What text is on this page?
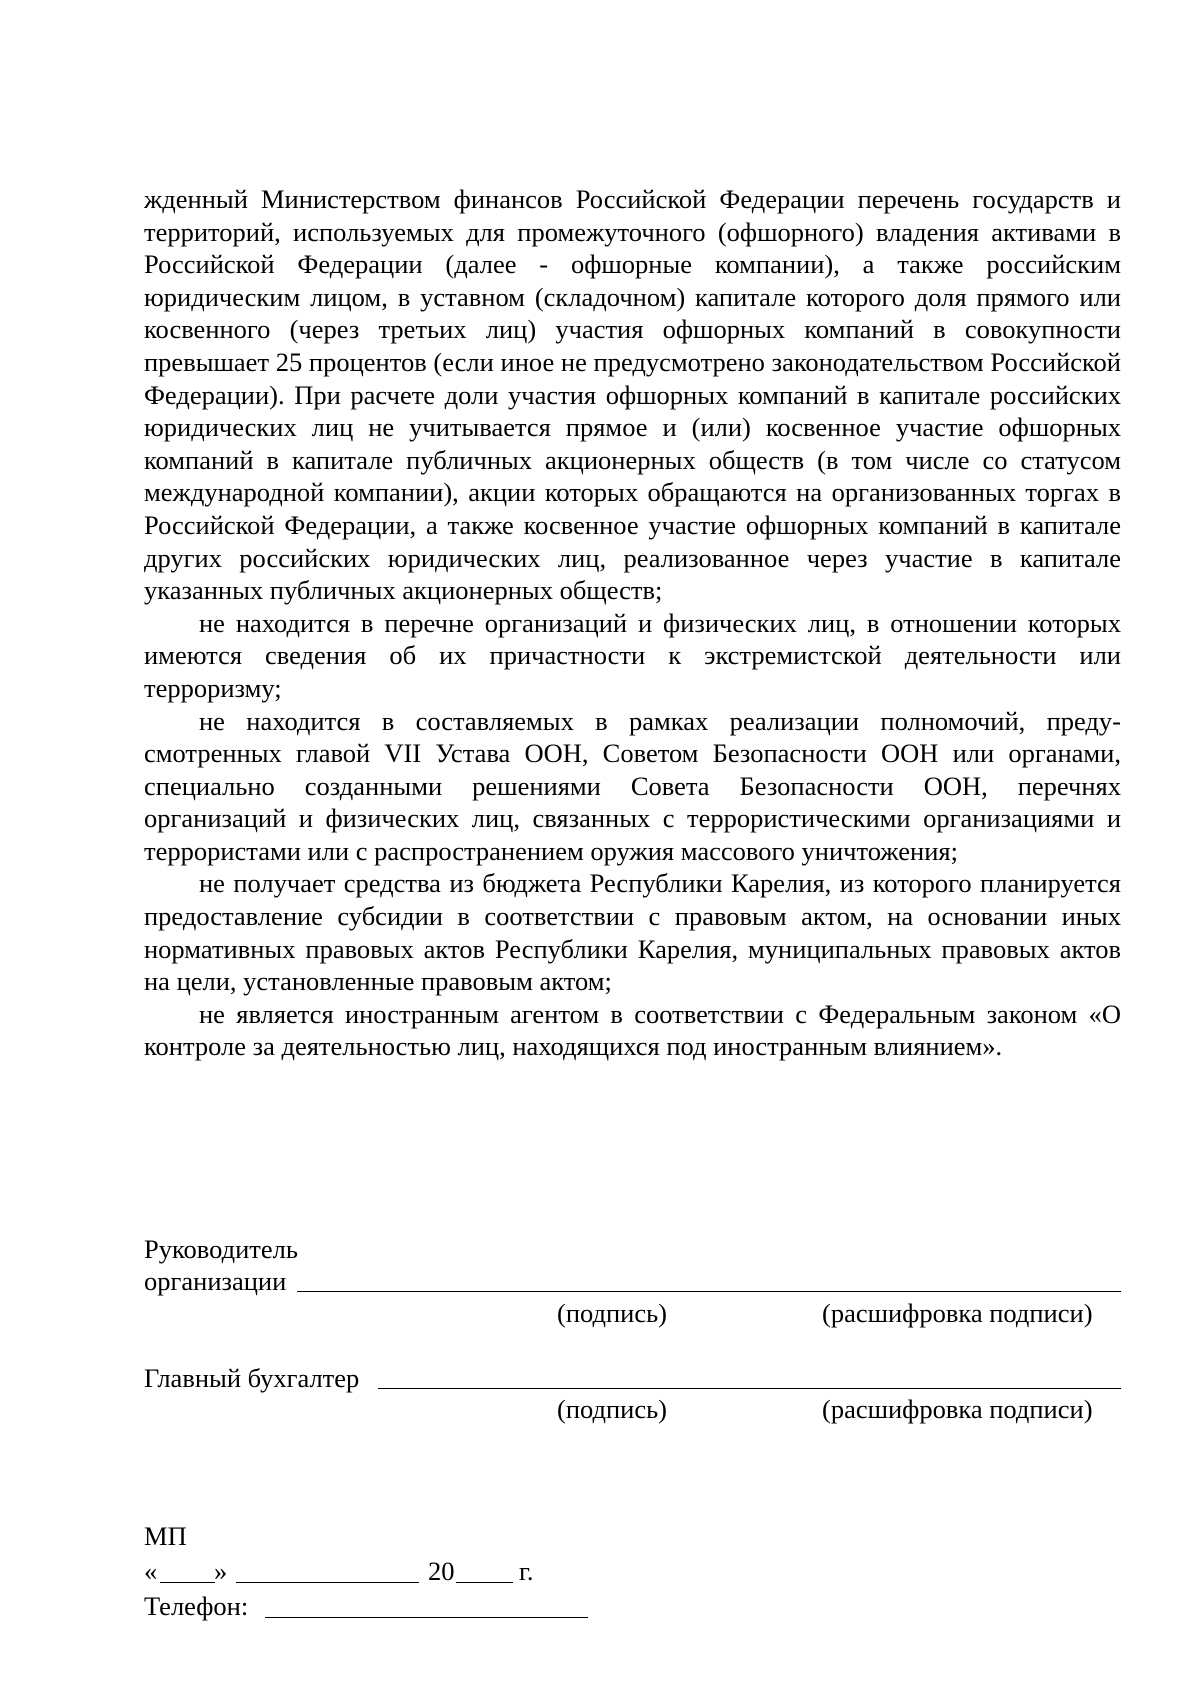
жденный Министерством финансов Российской Федерации перечень государств и территорий, используемых для промежуточного (офшорного) владения активами в Российской Федерации (далее - офшорные компании), а также российским юридическим лицом, в уставном (складочном) капитале которого доля прямого или косвенного (через третьих лиц) участия офшорных компаний в совокупности превышает 25 процентов (если иное не предусмотрено законодательством Российской Федерации). При расчете доли участия офшорных компаний в капитале российских юридических лиц не учитывается прямое и (или) косвенное участие офшорных компаний в капитале публичных акционерных обществ (в том числе со статусом международной компании), акции которых обращаются на организованных торгах в Российской Федерации, а также косвенное участие офшорных компаний в капитале других российских юридических лиц, реализованное через участие в капитале указанных публичных акционерных обществ;

не находится в перечне организаций и физических лиц, в отношении которых имеются сведения об их причастности к экстремистской деятельности или терроризму;

не находится в составляемых в рамках реализации полномочий, предусмотренных главой VII Устава ООН, Советом Безопасности ООН или органами, специально созданными решениями Совета Безопасности ООН, перечнях организаций и физических лиц, связанных с террористическими организациями и террористами или с распространением оружия массового уничтожения;

не получает средства из бюджета Республики Карелия, из которого планируется предоставление субсидии в соответствии с правовым актом, на основании иных нормативных правовых актов Республики Карелия, муниципальных правовых актов на цели, установленные правовым актом;

не является иностранным агентом в соответствии с Федеральным законом «О контроле за деятельностью лиц, находящихся под иностранным влиянием».

Руководитель
организации
(подпись)	(расшифровка подписи)
Главный бухгалтер
(подпись)	(расшифровка подписи)
МП
« »	20 г.
Телефон:
